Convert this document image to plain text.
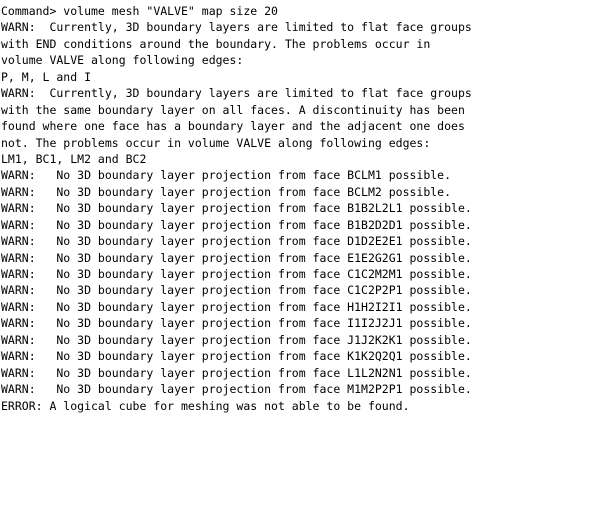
Command> volume mesh "VALVE" map size 20
WARN:  Currently, 3D boundary layers are limited to flat face groups
with END conditions around the boundary. The problems occur in
volume VALVE along following edges:
P, M, L and I
WARN:  Currently, 3D boundary layers are limited to flat face groups
with the same boundary layer on all faces. A discontinuity has been
found where one face has a boundary layer and the adjacent one does
not. The problems occur in volume VALVE along following edges:
LM1, BC1, LM2 and BC2
WARN:   No 3D boundary layer projection from face BCLM1 possible.
WARN:   No 3D boundary layer projection from face BCLM2 possible.
WARN:   No 3D boundary layer projection from face B1B2L2L1 possible.
WARN:   No 3D boundary layer projection from face B1B2D2D1 possible.
WARN:   No 3D boundary layer projection from face D1D2E2E1 possible.
WARN:   No 3D boundary layer projection from face E1E2G2G1 possible.
WARN:   No 3D boundary layer projection from face C1C2M2M1 possible.
WARN:   No 3D boundary layer projection from face C1C2P2P1 possible.
WARN:   No 3D boundary layer projection from face H1H2I2I1 possible.
WARN:   No 3D boundary layer projection from face I1I2J2J1 possible.
WARN:   No 3D boundary layer projection from face J1J2K2K1 possible.
WARN:   No 3D boundary layer projection from face K1K2Q2Q1 possible.
WARN:   No 3D boundary layer projection from face L1L2N2N1 possible.
WARN:   No 3D boundary layer projection from face M1M2P2P1 possible.
ERROR: A logical cube for meshing was not able to be found.
